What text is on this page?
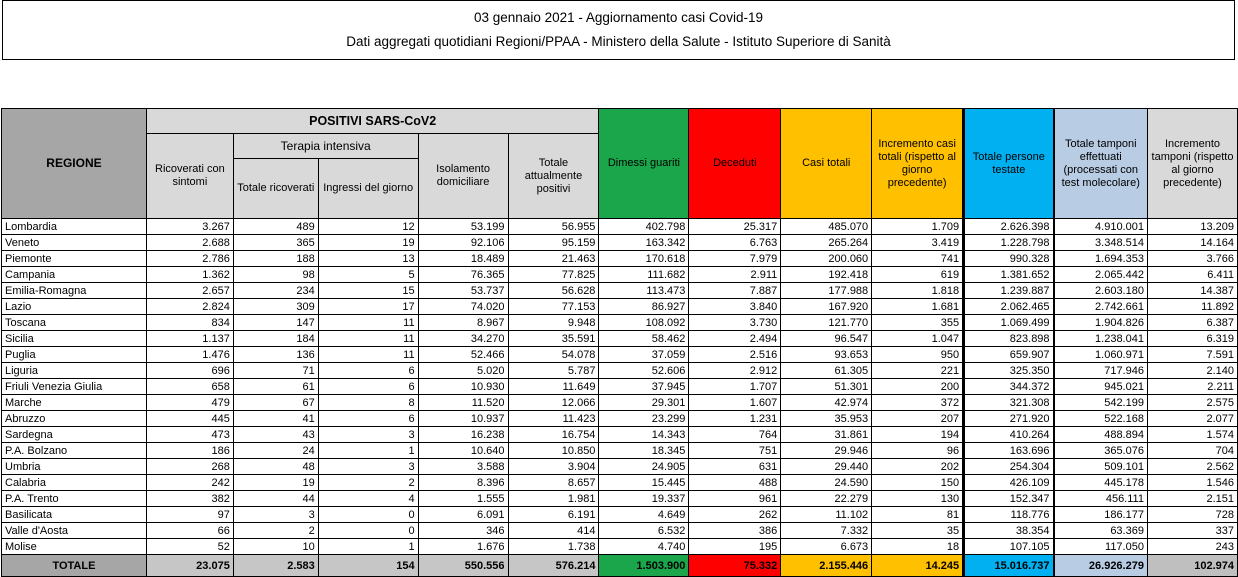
03 gennaio 2021 - Aggiornamento casi Covid-19
Dati aggregati quotidiani Regioni/PPAA - Ministero della Salute - Istituto Superiore di Sanità
REGIONE	POSITIVI SARS-CoV2					Dimessi guariti	Deceduti	Casi totali	Incremento casi totali (rispetto al giorno precedente)	Totale persone testate	Totale tamponi effettuati (processati con test molecolare)	Incremento tamponi (rispetto al giorno precedente)
	Ricoverati con sintomi	Terapia intensiva		Isolamento domiciliare	Totale attualmente positivi							
		Totale ricoverati	Ingressi del giorno									
Lombardia	3.267	489	12	53.199	56.955	402.798	25.317	485.070	1.709	2.626.398	4.910.001	13.209
Veneto	2.688	365	19	92.106	95.159	163.342	6.763	265.264	3.419	1.228.798	3.348.514	14.164
Piemonte	2.786	188	13	18.489	21.463	170.618	7.979	200.060	741	990.328	1.694.353	3.766
Campania	1.362	98	5	76.365	77.825	111.682	2.911	192.418	619	1.381.652	2.065.442	6.411
Emilia-Romagna	2.657	234	15	53.737	56.628	113.473	7.887	177.988	1.818	1.239.887	2.603.180	14.387
Lazio	2.824	309	17	74.020	77.153	86.927	3.840	167.920	1.681	2.062.465	2.742.661	11.892
Toscana	834	147	11	8.967	9.948	108.092	3.730	121.770	355	1.069.499	1.904.826	6.387
Sicilia	1.137	184	11	34.270	35.591	58.462	2.494	96.547	1.047	823.898	1.238.041	6.319
Puglia	1.476	136	11	52.466	54.078	37.059	2.516	93.653	950	659.907	1.060.971	7.591
Liguria	696	71	6	5.020	5.787	52.606	2.912	61.305	221	325.350	717.946	2.140
Friuli Venezia Giulia	658	61	6	10.930	11.649	37.945	1.707	51.301	200	344.372	945.021	2.211
Marche	479	67	8	11.520	12.066	29.301	1.607	42.974	372	321.308	542.199	2.575
Abruzzo	445	41	6	10.937	11.423	23.299	1.231	35.953	207	271.920	522.168	2.077
Sardegna	473	43	3	16.238	16.754	14.343	764	31.861	194	410.264	488.894	1.574
P.A. Bolzano	186	24	1	10.640	10.850	18.345	751	29.946	96	163.696	365.076	704
Umbria	268	48	3	3.588	3.904	24.905	631	29.440	202	254.304	509.101	2.562
Calabria	242	19	2	8.396	8.657	15.445	488	24.590	150	426.109	445.178	1.546
P.A. Trento	382	44	4	1.555	1.981	19.337	961	22.279	130	152.347	456.111	2.151
Basilicata	97	3	0	6.091	6.191	4.649	262	11.102	81	118.776	186.177	728
Valle d'Aosta	66	2	0	346	414	6.532	386	7.332	35	38.354	63.369	337
Molise	52	10	1	1.676	1.738	4.740	195	6.673	18	107.105	117.050	243
TOTALE	23.075	2.583	154	550.556	576.214	1.503.900	75.332	2.155.446	14.245	15.016.737	26.926.279	102.974
